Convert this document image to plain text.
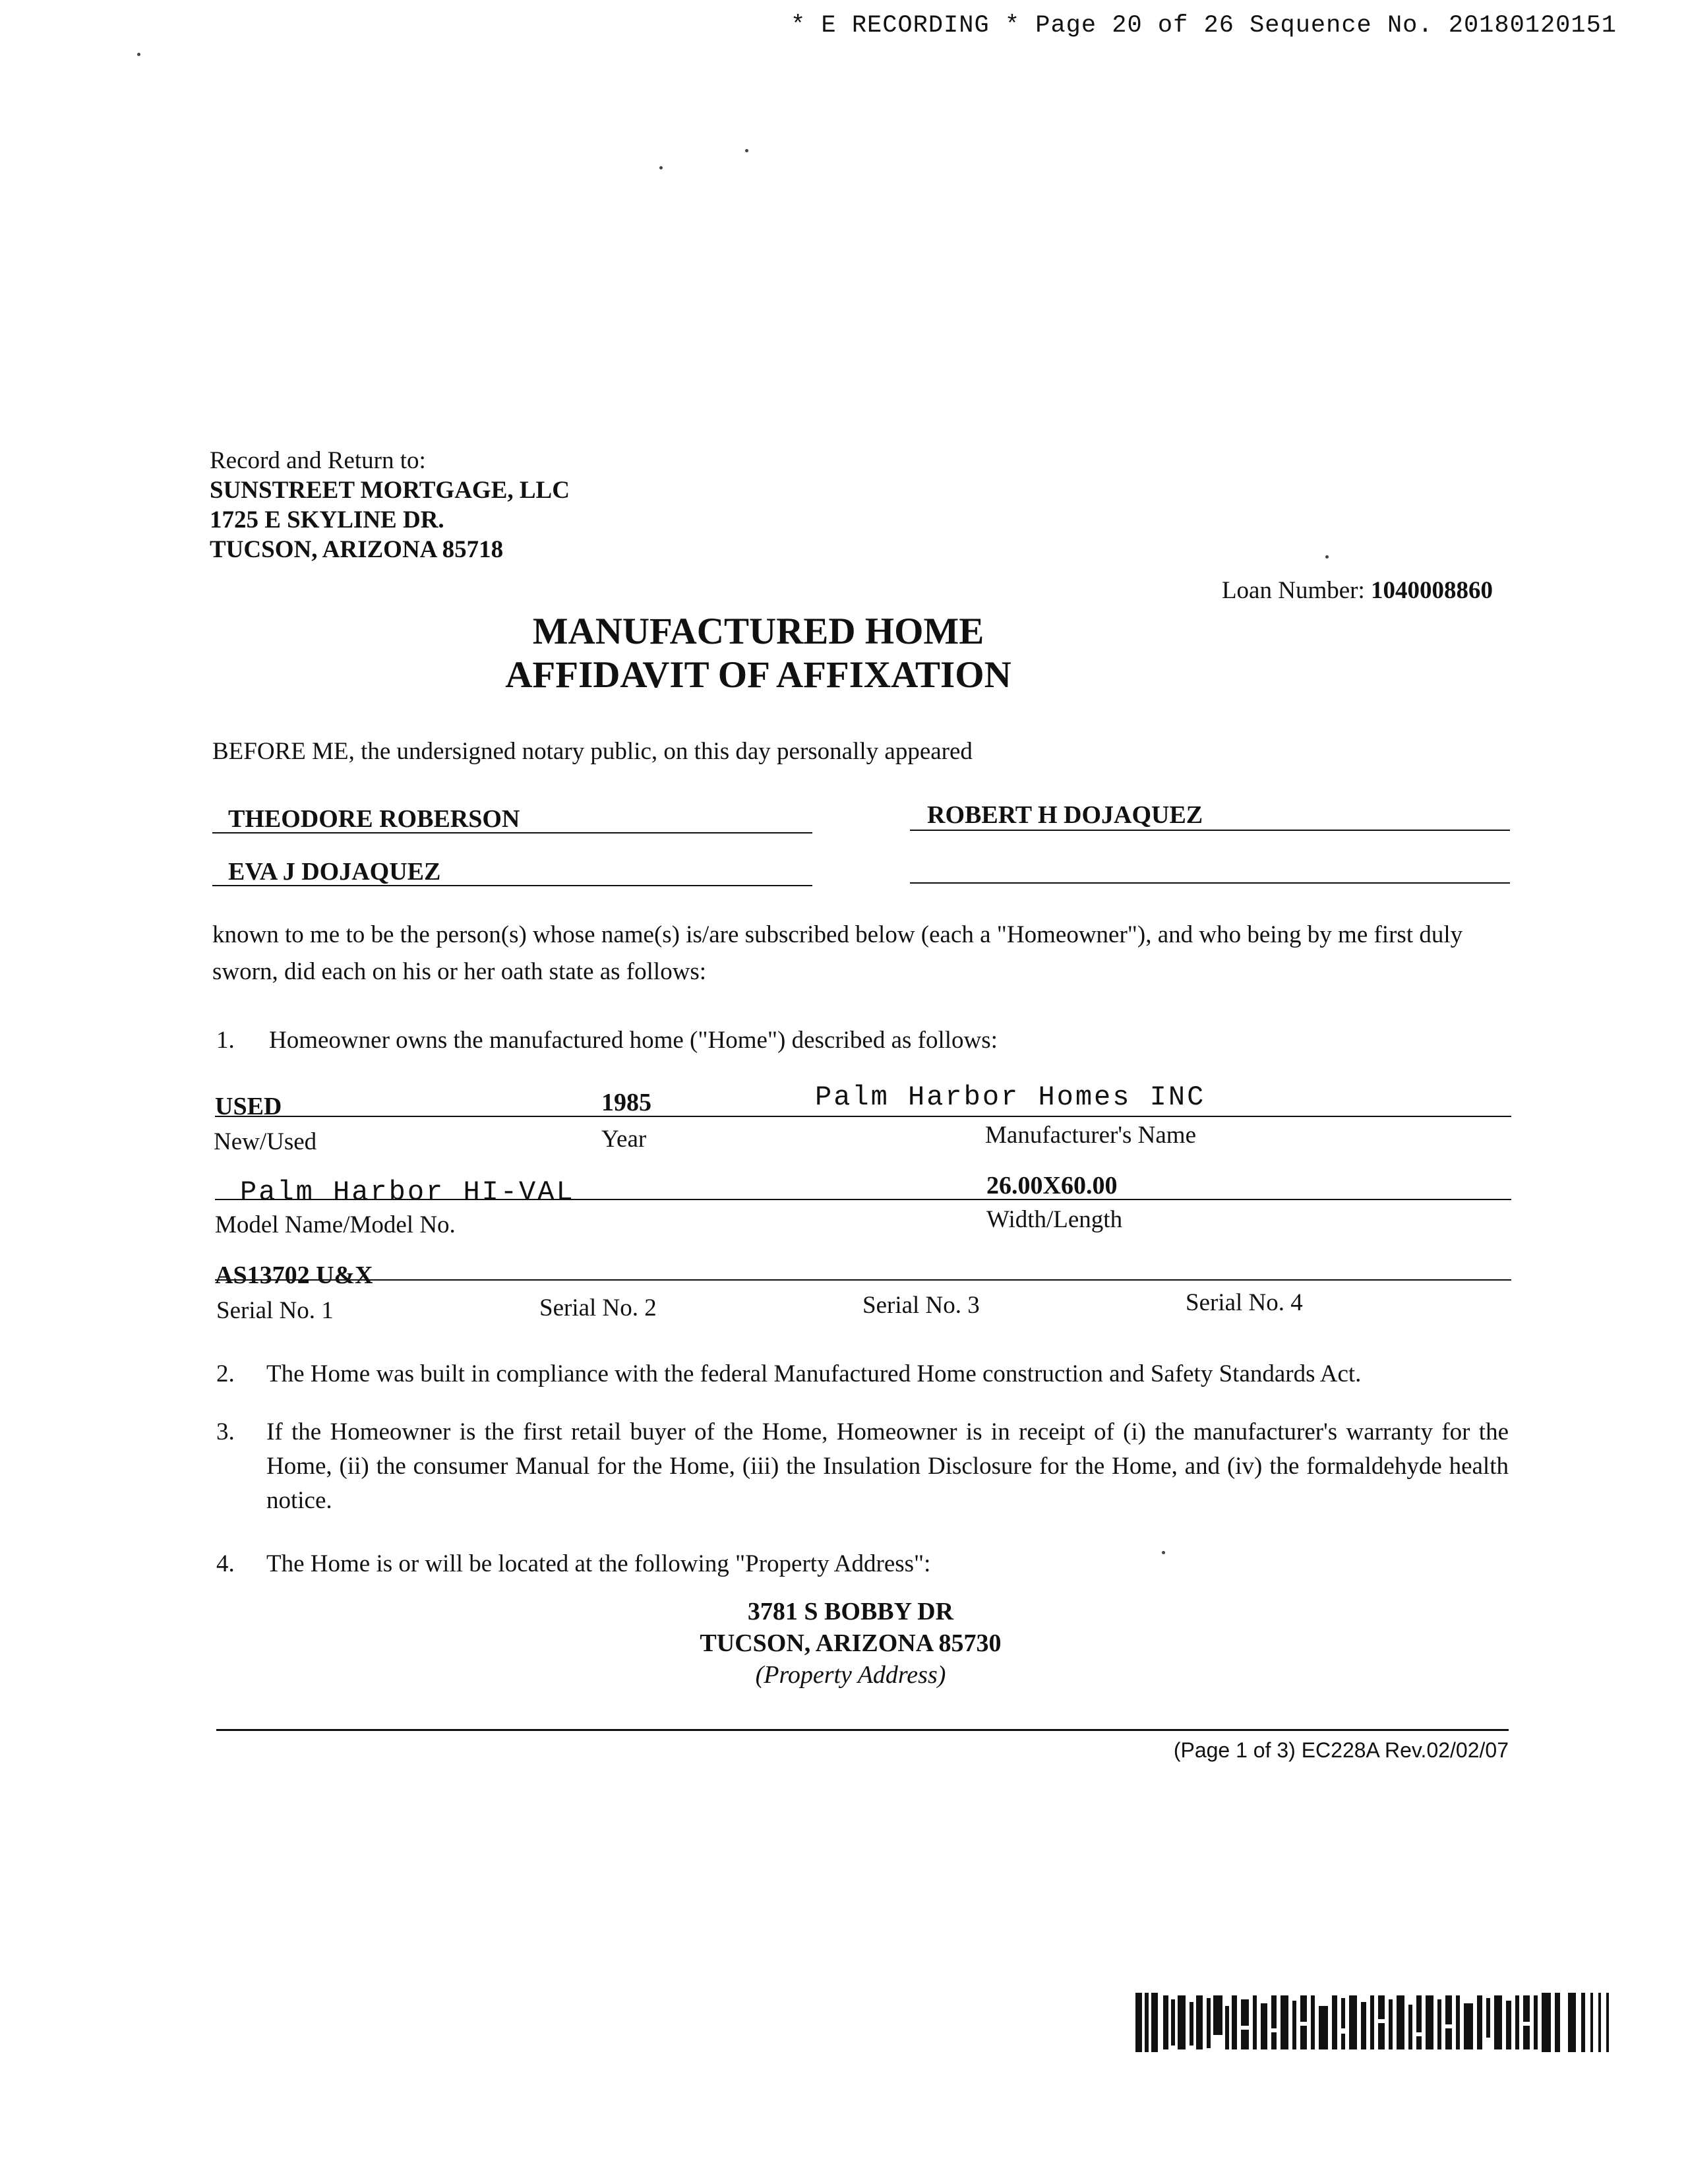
* E RECORDING * Page 20 of 26 Sequence No. 20180120151
Record and Return to:
SUNSTREET MORTGAGE, LLC
1725 E SKYLINE DR.
TUCSON, ARIZONA 85718
Loan Number: 1040008860
MANUFACTURED HOME
AFFIDAVIT OF AFFIXATION
BEFORE ME, the undersigned notary public, on this day personally appeared
THEODORE ROBERSON	ROBERT H DOJAQUEZ
EVA J DOJAQUEZ
known to me to be the person(s) whose name(s) is/are subscribed below (each a "Homeowner"), and who being by me first duly sworn, did each on his or her oath state as follows:
1. Homeowner owns the manufactured home ("Home") described as follows:
USED	1985	Palm Harbor Homes INC
New/Used	Year	Manufacturer's Name
Palm Harbor HI-VAL	26.00X60.00
Model Name/Model No.	Width/Length
AS13702 U&X
Serial No. 1	Serial No. 2	Serial No. 3	Serial No. 4
2. The Home was built in compliance with the federal Manufactured Home construction and Safety Standards Act.
3. If the Homeowner is the first retail buyer of the Home, Homeowner is in receipt of (i) the manufacturer's warranty for the Home, (ii) the consumer Manual for the Home, (iii) the Insulation Disclosure for the Home, and (iv) the formaldehyde health notice.
4. The Home is or will be located at the following "Property Address":
3781 S BOBBY DR
TUCSON, ARIZONA 85730
(Property Address)
(Page 1 of 3) EC228A Rev.02/02/07
